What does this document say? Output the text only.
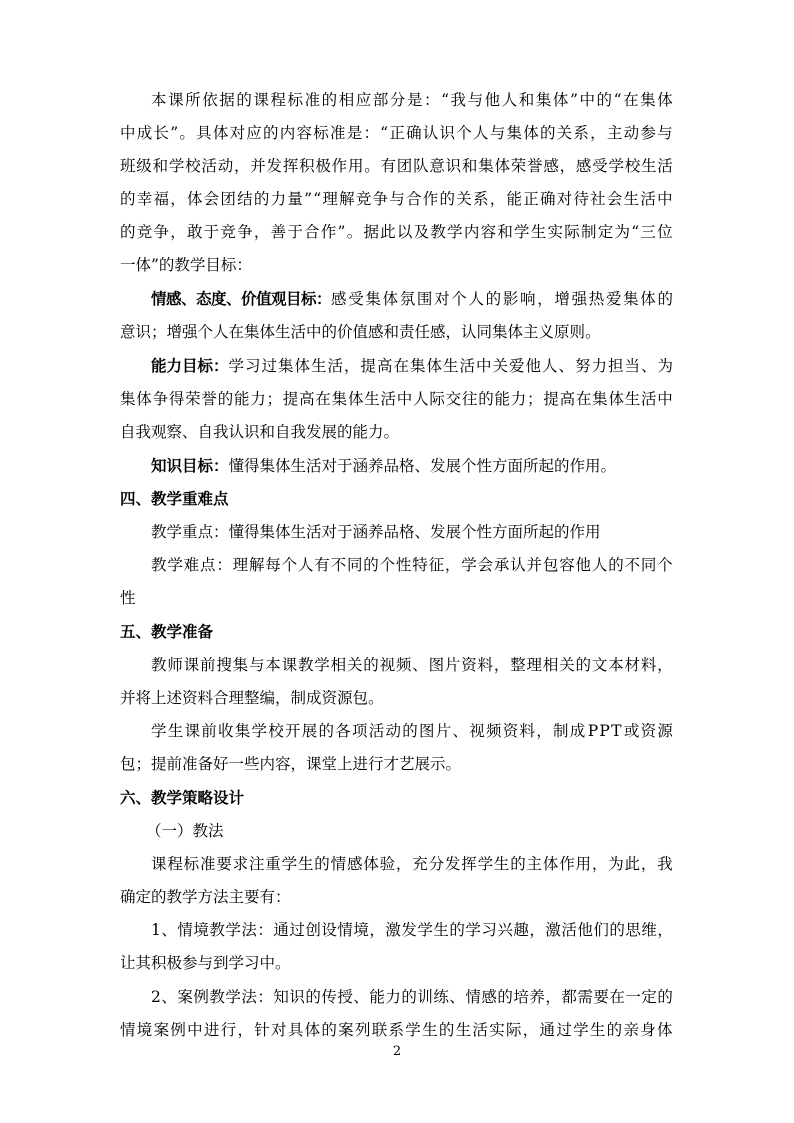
本 课 所 依 据 的 课 程 标 准 的 相 应 部 分 是 ： “ 我 与 他 人 和 集 体 ” 中 的 “ 在 集 体
中 成 长 ” 。 具 体 对 应 的 内 容 标 准 是 ： “ 正 确 认 识 个 人 与 集 体 的 关 系 ， 主 动 参 与
班 级 和 学 校 活 动 ， 并 发 挥 积 极 作 用 。 有 团 队 意 识 和 集 体 荣 誉 感 ， 感 受 学 校 生 活
的 幸 福 ， 体 会 团 结 的 力 量 ” “ 理 解 竞 争 与 合 作 的 关 系 ， 能 正 确 对 待 社 会 生 活 中
的 竞 争 ， 敢 于 竞 争 ， 善 于 合 作 ” 。 据 此 以 及 教 学 内 容 和 学 生 实 际 制 定 为 “ 三 位
一体”的教学目标：
情感、态度、价值观目标： 感受集体氛围对个人的影响，增强热爱集体的
意识；增强个人在集体生活中的价值感和责任感，认同集体主义原则。
能力目标： 学习过集体生活，提高在集体生活中关爱他人、努力担当、为
集 体 争 得 荣 誉 的 能 力 ； 提 高 在 集 体 生 活 中 人 际 交 往 的 能 力 ； 提 高 在 集 体 生 活 中
自我观察、自我认识和自我发展的能力。
知识目标： 懂得集体生活对于涵养品格、发展个性方面所起的作用。
四、教学重难点
教学重点：懂得集体生活对于涵养品格、发展个性方面所起的作用
教 学 难 点 ： 理 解 每 个 人 有 不 同 的 个 性 特 征 ， 学 会 承 认 并 包 容 他 人 的 不 同 个
性
五、教学准备
教 师 课 前 搜 集 与 本 课 教 学 相 关 的 视 频 、 图 片 资 料 ， 整 理 相 关 的 文 本 材 料 ，
并将上述资料合理整编，制成资源包。
学 生 课 前 收 集 学 校 开 展 的 各 项 活 动 的 图 片 、 视 频 资 料 ， 制 成 P P T 或 资 源
包；提前准备好一些内容，课堂上进行才艺展示。
六、教学策略设计
（一）教法
课 程 标 准 要 求 注 重 学 生 的 情 感 体 验 ， 充 分 发 挥 学 生 的 主 体 作 用 ， 为 此 ， 我
确定的教学方法主要有：
1 、 情 境 教 学 法 ： 通 过 创 设 情 境 ， 激 发 学 生 的 学 习 兴 趣 ， 激 活 他 们 的 思 维 ，
让其积极参与到学习中。
2 、 案 例 教 学 法 ： 知 识 的 传 授 、 能 力 的 训 练 、 情 感 的 培 养 ， 都 需 要 在 一 定 的
情 境 案 例 中 进 行 ， 针 对 具 体 的 案 列 联 系 学 生 的 生 活 实 际 ， 通 过 学 生 的 亲 身 体
2
